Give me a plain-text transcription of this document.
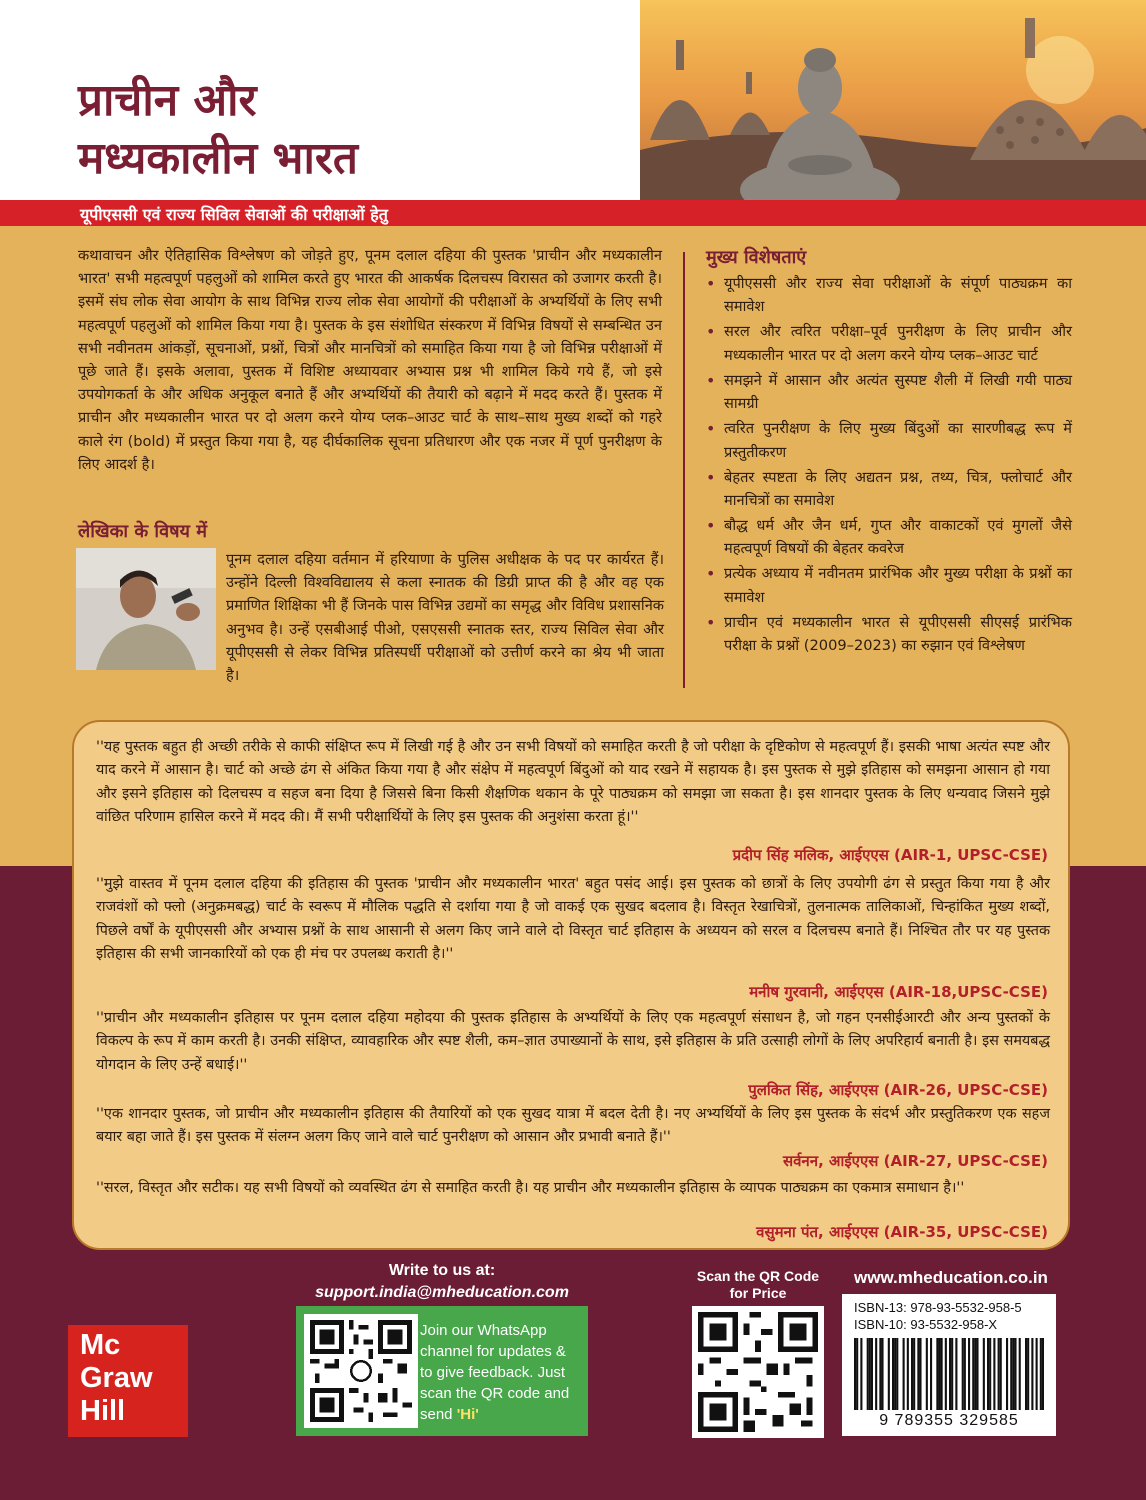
प्राचीन और
मध्यकालीन भारत
यूपीएससी एवं राज्य सिविल सेवाओं की परीक्षाओं हेतु

कथावाचन और ऐतिहासिक विश्लेषण को जोड़ते हुए, पूनम दलाल दहिया की पुस्तक 'प्राचीन और मध्यकालीन भारत' सभी महत्वपूर्ण पहलुओं को शामिल करते हुए भारत की आकर्षक दिलचस्प विरासत को उजागर करती है। इसमें संघ लोक सेवा आयोग के साथ विभिन्न राज्य लोक सेवा आयोगों की परीक्षाओं के अभ्यर्थियों के लिए सभी महत्वपूर्ण पहलुओं को शामिल किया गया है। पुस्तक के इस संशोधित संस्करण में विभिन्न विषयों से सम्बन्धित उन सभी नवीनतम आंकड़ों, सूचनाओं, प्रश्नों, चित्रों और मानचित्रों को समाहित किया गया है जो विभिन्न परीक्षाओं में पूछे जाते हैं। इसके अलावा, पुस्तक में विशिष्ट अध्यायवार अभ्यास प्रश्न भी शामिल किये गये हैं, जो इसे उपयोगकर्ता के और अधिक अनुकूल बनाते हैं और अभ्यर्थियों की तैयारी को बढ़ाने में मदद करते हैं। पुस्तक में प्राचीन और मध्यकालीन भारत पर दो अलग करने योग्य प्लक–आउट चार्ट के साथ–साथ मुख्य शब्दों को गहरे काले रंग (bold) में प्रस्तुत किया गया है, यह दीर्घकालिक सूचना प्रतिधारण और एक नजर में पूर्ण पुनरीक्षण के लिए आदर्श है।

लेखिका के विषय में

पूनम दलाल दहिया वर्तमान में हरियाणा के पुलिस अधीक्षक के पद पर कार्यरत हैं। उन्होंने दिल्ली विश्वविद्यालय से कला स्नातक की डिग्री प्राप्त की है और वह एक प्रमाणित शिक्षिका भी हैं जिनके पास विभिन्न उद्यमों का समृद्ध और विविध प्रशासनिक अनुभव है। उन्हें एसबीआई पीओ, एसएससी स्नातक स्तर, राज्य सिविल सेवा और यूपीएससी से लेकर विभिन्न प्रतिस्पर्धी परीक्षाओं को उत्तीर्ण करने का श्रेय भी जाता है।

मुख्य विशेषताएं
• यूपीएससी और राज्य सेवा परीक्षाओं के संपूर्ण पाठ्यक्रम का समावेश
• सरल और त्वरित परीक्षा–पूर्व पुनरीक्षण के लिए प्राचीन और मध्यकालीन भारत पर दो अलग करने योग्य प्लक–आउट चार्ट
• समझने में आसान और अत्यंत सुस्पष्ट शैली में लिखी गयी पाठ्य सामग्री
• त्वरित पुनरीक्षण के लिए मुख्य बिंदुओं का सारणीबद्ध रूप में प्रस्तुतीकरण
• बेहतर स्पष्टता के लिए अद्यतन प्रश्न, तथ्य, चित्र, फ्लोचार्ट और मानचित्रों का समावेश
• बौद्ध धर्म और जैन धर्म, गुप्त और वाकाटकों एवं मुगलों जैसे महत्वपूर्ण विषयों की बेहतर कवरेज
• प्रत्येक अध्याय में नवीनतम प्रारंभिक और मुख्य परीक्षा के प्रश्नों का समावेश
• प्राचीन एवं मध्यकालीन भारत से यूपीएससी सीएसई प्रारंभिक परीक्षा के प्रश्नों (2009–2023) का रुझान एवं विश्लेषण

''यह पुस्तक बहुत ही अच्छी तरीके से काफी संक्षिप्त रूप में लिखी गई है और उन सभी विषयों को समाहित करती है जो परीक्षा के दृष्टिकोण से महत्वपूर्ण हैं। इसकी भाषा अत्यंत स्पष्ट और याद करने में आसान है। चार्ट को अच्छे ढंग से अंकित किया गया है और संक्षेप में महत्वपूर्ण बिंदुओं को याद रखने में सहायक है। इस पुस्तक से मुझे इतिहास को समझना आसान हो गया और इसने इतिहास को दिलचस्प व सहज बना दिया है जिससे बिना किसी शैक्षणिक थकान के पूरे पाठ्यक्रम को समझा जा सकता है। इस शानदार पुस्तक के लिए धन्यवाद जिसने मुझे वांछित परिणाम हासिल करने में मदद की। मैं सभी परीक्षार्थियों के लिए इस पुस्तक की अनुशंसा करता हूं।''

प्रदीप सिंह मलिक, आईएएस (AIR-1, UPSC-CSE)

''मुझे वास्तव में पूनम दलाल दहिया की इतिहास की पुस्तक 'प्राचीन और मध्यकालीन भारत' बहुत पसंद आई। इस पुस्तक को छात्रों के लिए उपयोगी ढंग से प्रस्तुत किया गया है और राजवंशों को फ्लो (अनुक्रमबद्ध) चार्ट के स्वरूप में मौलिक पद्धति से दर्शाया गया है जो वाकई एक सुखद बदलाव है। विस्तृत रेखाचित्रों, तुलनात्मक तालिकाओं, चिन्हांकित मुख्य शब्दों, पिछले वर्षों के यूपीएससी और अभ्यास प्रश्नों के साथ आसानी से अलग किए जाने वाले दो विस्तृत चार्ट इतिहास के अध्ययन को सरल व दिलचस्प बनाते हैं। निश्चित तौर पर यह पुस्तक इतिहास की सभी जानकारियों को एक ही मंच पर उपलब्ध कराती है।''

मनीष गुरवानी, आईएएस (AIR-18,UPSC-CSE)

''प्राचीन और मध्यकालीन इतिहास पर पूनम दलाल दहिया महोदया की पुस्तक इतिहास के अभ्यर्थियों के लिए एक महत्वपूर्ण संसाधन है, जो गहन एनसीईआरटी और अन्य पुस्तकों के विकल्प के रूप में काम करती है। उनकी संक्षिप्त, व्यावहारिक और स्पष्ट शैली, कम–ज्ञात उपाख्यानों के साथ, इसे इतिहास के प्रति उत्साही लोगों के लिए अपरिहार्य बनाती है। इस समयबद्ध योगदान के लिए उन्हें बधाई।''

पुलकित सिंह, आईएएस (AIR-26, UPSC-CSE)

''एक शानदार पुस्तक, जो प्राचीन और मध्यकालीन इतिहास की तैयारियों को एक सुखद यात्रा में बदल देती है। नए अभ्यर्थियों के लिए इस पुस्तक के संदर्भ और प्रस्तुतिकरण एक सहज बयार बहा जाते हैं। इस पुस्तक में संलग्न अलग किए जाने वाले चार्ट पुनरीक्षण को आसान और प्रभावी बनाते हैं।''

सर्वनन, आईएएस (AIR-27, UPSC-CSE)

''सरल, विस्तृत और सटीक। यह सभी विषयों को व्यवस्थित ढंग से समाहित करती है। यह प्राचीन और मध्यकालीन इतिहास के व्यापक पाठ्यक्रम का एकमात्र समाधान है।''

वसुमना पंत, आईएएस (AIR-35, UPSC-CSE)
Mc
Graw
Hill
Write to us at:
support.india@mheducation.com
Join our WhatsApp channel for updates & to give feedback. Just scan the QR code and send 'Hi'
Scan the QR Code for Price
www.mheducation.co.in
ISBN-13: 978-93-5532-958-5
ISBN-10: 93-5532-958-X
9 789355 329585
